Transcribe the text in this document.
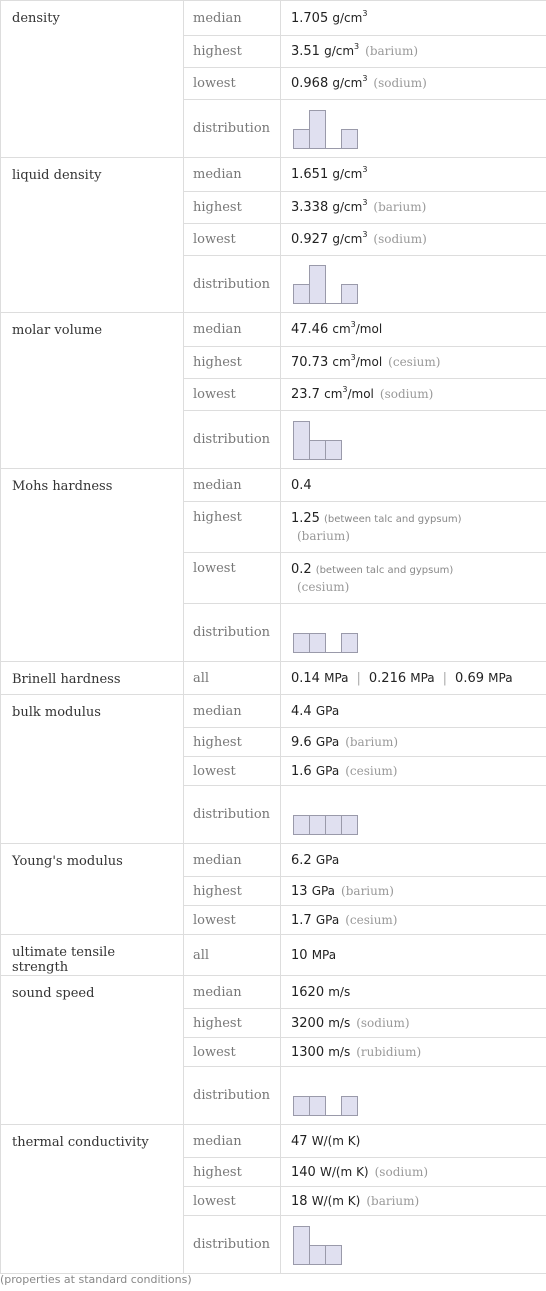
density	median	1.705 $g/cm^3$
	highest	3.51 $g/cm^3$ (barium)
	lowest	0.968 $g/cm^3$ (sodium)
	distribution	

liquid density	median	1.651 $g/cm^3$
	highest	3.338 $g/cm^3$ (barium)
	lowest	0.927 $g/cm^3$ (sodium)
	distribution	

molar volume	median	47.46 $cm^3$/mol
	highest	70.73 $cm^3$/mol (cesium)
	lowest	23.7 $cm^3$/mol (sodium)
	distribution	

Mohs hardness	median	0.4
	highest	1.25 (between talc and gypsum)
(barium)
	lowest	0.2 (between talc and gypsum)
(cesium)
	distribution	

Brinell hardness	all	0.14 MPa | 0.216 MPa | 0.69 MPa
bulk modulus	median	4.4 GPa
	highest	9.6 GPa (barium)
	lowest	1.6 GPa (cesium)
	distribution	

Young's modulus	median	6.2 GPa
	highest	13 GPa (barium)
	lowest	1.7 GPa (cesium)
ultimate tensile strength	all	10 MPa
sound speed	median	1620 m/s
	highest	3200 m/s (sodium)
	lowest	1300 m/s (rubidium)
	distribution	

thermal conductivity	median	47 W/(m K)
	highest	140 W/(m K) (sodium)
	lowest	18 W/(m K) (barium)
	distribution	
(properties at standard conditions)
